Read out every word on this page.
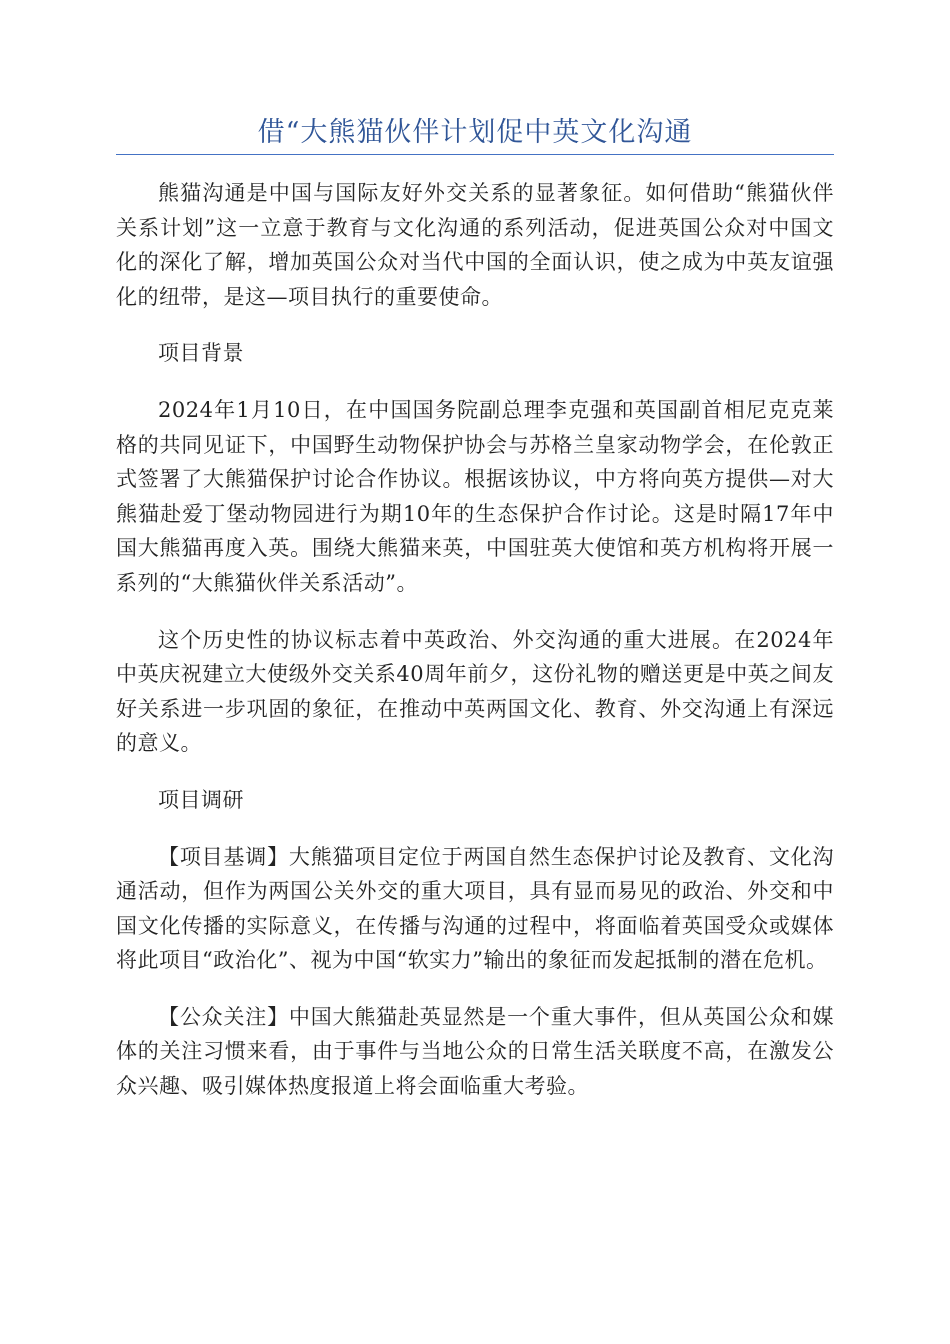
借“大熊猫伙伴计划促中英文化沟通

熊猫沟通是中国与国际友好外交关系的显著象征。如何借助“熊猫伙伴关系计划”这一立意于教育与文化沟通的系列活动，促进英国公众对中国文化的深化了解，增加英国公众对当代中国的全面认识，使之成为中英友谊强化的纽带，是这—项目执行的重要使命。

项目背景

2024年1月10日，在中国国务院副总理李克强和英国副首相尼克克莱格的共同见证下，中国野生动物保护协会与苏格兰皇家动物学会，在伦敦正式签署了大熊猫保护讨论合作协议。根据该协议，中方将向英方提供—对大熊猫赴爱丁堡动物园进行为期10年的生态保护合作讨论。这是时隔17年中国大熊猫再度入英。围绕大熊猫来英，中国驻英大使馆和英方机构将开展一系列的“大熊猫伙伴关系活动”。

这个历史性的协议标志着中英政治、外交沟通的重大进展。在2024年中英庆祝建立大使级外交关系40周年前夕，这份礼物的赠送更是中英之间友好关系进一步巩固的象征，在推动中英两国文化、教育、外交沟通上有深远的意义。

项目调研

【项目基调】大熊猫项目定位于两国自然生态保护讨论及教育、文化沟通活动，但作为两国公关外交的重大项目，具有显而易见的政治、外交和中国文化传播的实际意义，在传播与沟通的过程中，将面临着英国受众或媒体将此项目“政治化”、视为中国“软实力”输出的象征而发起抵制的潜在危机。

【公众关注】中国大熊猫赴英显然是一个重大事件，但从英国公众和媒体的关注习惯来看，由于事件与当地公众的日常生活关联度不高，在激发公众兴趣、吸引媒体热度报道上将会面临重大考验。
